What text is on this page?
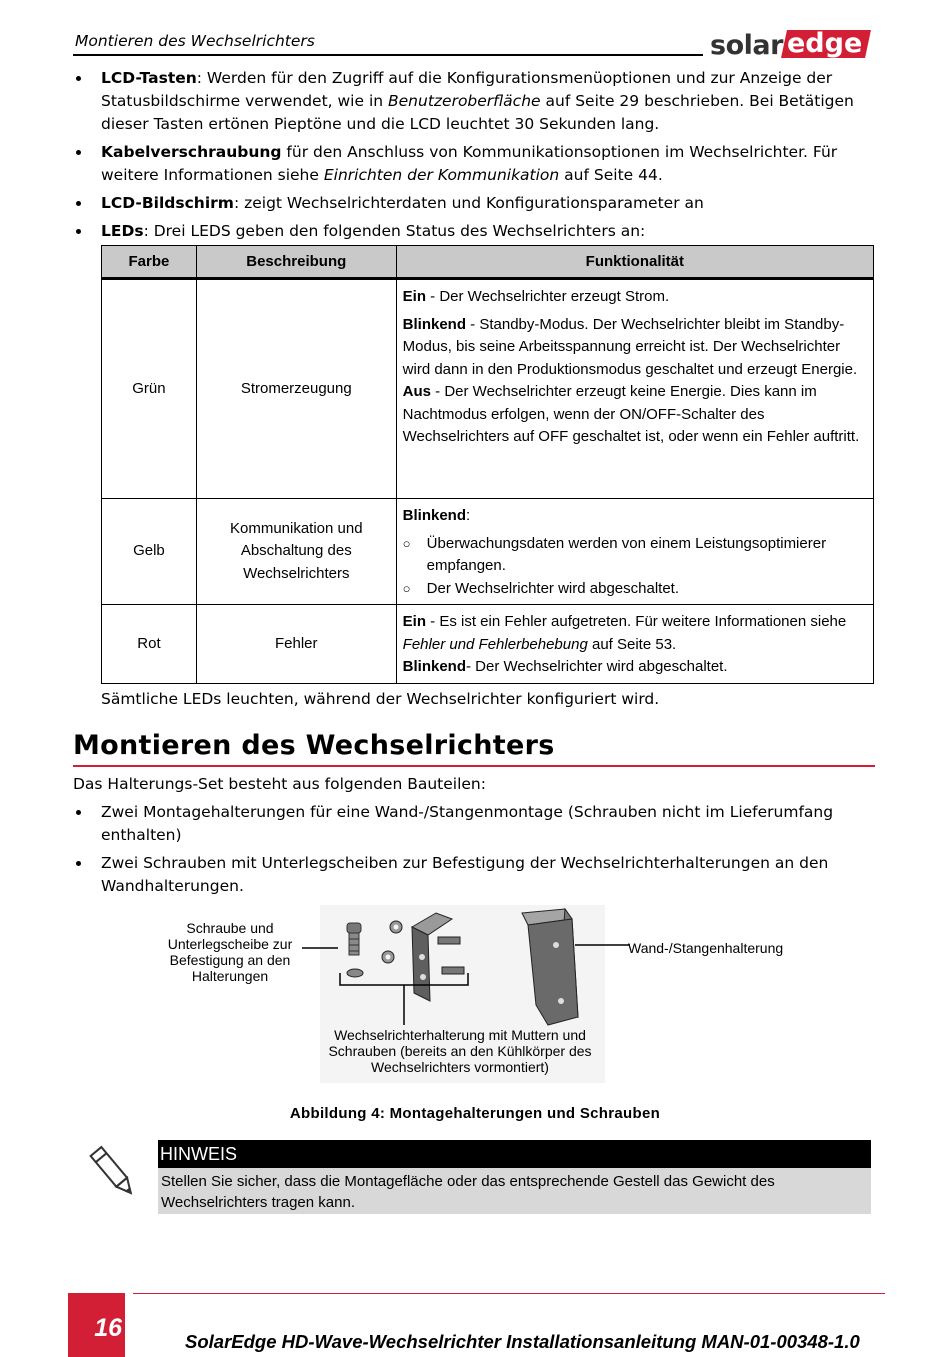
Montieren des Wechselrichters	solar edge
LCD-Tasten: Werden für den Zugriff auf die Konfigurationsmenüoptionen und zur Anzeige der Statusbildschirme verwendet, wie in Benutzeroberfläche auf Seite 29 beschrieben. Bei Betätigen dieser Tasten ertönen Pieptöne und die LCD leuchtet 30 Sekunden lang.
Kabelverschraubung für den Anschluss von Kommunikationsoptionen im Wechselrichter. Für weitere Informationen siehe Einrichten der Kommunikation auf Seite 44.
LCD-Bildschirm: zeigt Wechselrichterdaten und Konfigurationsparameter an
LEDs: Drei LEDS geben den folgenden Status des Wechselrichters an:
Farbe	Beschreibung	Funktionalität
Grün	Stromerzeugung	Ein - Der Wechselrichter erzeugt Strom.

Blinkend - Standby-Modus. Der Wechselrichter bleibt im Standby-Modus, bis seine Arbeitsspannung erreicht ist. Der Wechselrichter wird dann in den Produktionsmodus geschaltet und erzeugt Energie.

Aus - Der Wechselrichter erzeugt keine Energie. Dies kann im Nachtmodus erfolgen, wenn der ON/OFF-Schalter des Wechselrichters auf OFF geschaltet ist, oder wenn ein Fehler auftritt.

Gelb	Kommunikation und Abschaltung des Wechselrichters	Blinkend:

○ Überwachungsdaten werden von einem Leistungsoptimierer empfangen.

○ Der Wechselrichter wird abgeschaltet.

Rot	Fehler	Ein - Es ist ein Fehler aufgetreten. Für weitere Informationen siehe Fehler und Fehlerbehebung auf Seite 53.

Blinkend- Der Wechselrichter wird abgeschaltet.

Sämtliche LEDs leuchten, während der Wechselrichter konfiguriert wird.
Montieren des Wechselrichters
Das Halterungs-Set besteht aus folgenden Bauteilen:
Zwei Montagehalterungen für eine Wand-/Stangenmontage (Schrauben nicht im Lieferumfang enthalten)
Zwei Schrauben mit Unterlegscheiben zur Befestigung der Wechselrichterhalterungen an den Wandhalterungen.
Schraube und
Unterlegscheibe zur
Befestigung an den
Halterungen
Wand-/Stangenhalterung
Wechselrichterhalterung mit Muttern und
Schrauben (bereits an den Kühlkörper des
Wechselrichters vormontiert)
Abbildung 4: Montagehalterungen und Schrauben
HINWEIS
Stellen Sie sicher, dass die Montagefläche oder das entsprechende Gestell das Gewicht des Wechselrichters tragen kann.
16	SolarEdge HD-Wave-Wechselrichter Installationsanleitung MAN-01-00348-1.0
